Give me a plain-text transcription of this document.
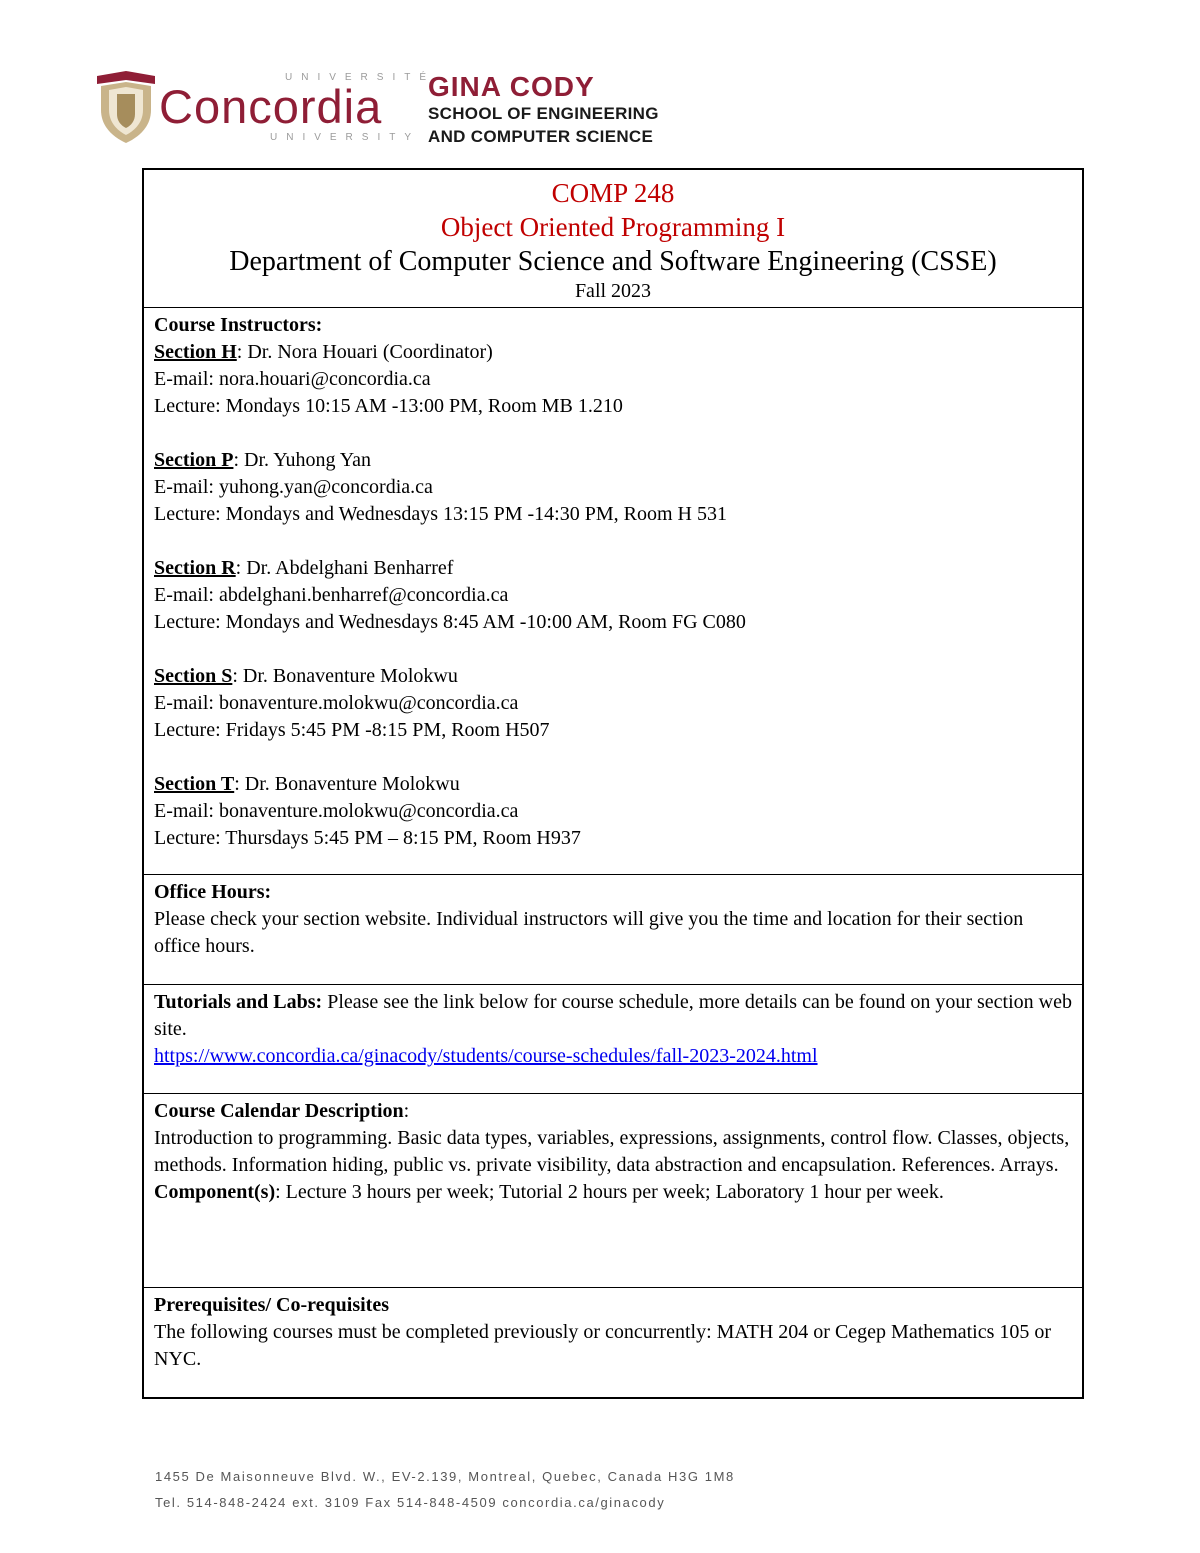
UNIVERSITÉ
Concordia
UNIVERSITY
GINA CODY
SCHOOL OF ENGINEERING
AND COMPUTER SCIENCE
COMP 248
Object Oriented Programming I
Department of Computer Science and Software Engineering (CSSE)
Fall 2023
Course Instructors:
Section H: Dr. Nora Houari (Coordinator)
E-mail: nora.houari@concordia.ca
Lecture: Mondays 10:15 AM -13:00 PM, Room MB 1.210
Section P: Dr. Yuhong Yan
E-mail: yuhong.yan@concordia.ca
Lecture: Mondays and Wednesdays 13:15 PM -14:30 PM, Room H 531
Section R: Dr. Abdelghani Benharref
E-mail: abdelghani.benharref@concordia.ca
Lecture: Mondays and Wednesdays 8:45 AM -10:00 AM, Room FG C080
Section S: Dr. Bonaventure Molokwu
E-mail: bonaventure.molokwu@concordia.ca
Lecture: Fridays 5:45 PM -8:15 PM, Room H507
Section T: Dr. Bonaventure Molokwu
E-mail: bonaventure.molokwu@concordia.ca
Lecture: Thursdays 5:45 PM – 8:15 PM, Room H937
Office Hours:
Please check your section website. Individual instructors will give you the time and location for their section office hours.
Tutorials and Labs: Please see the link below for course schedule, more details can be found on your section web site.
https://www.concordia.ca/ginacody/students/course-schedules/fall-2023-2024.html
Course Calendar Description:
Introduction to programming. Basic data types, variables, expressions, assignments, control flow. Classes, objects, methods. Information hiding, public vs. private visibility, data abstraction and encapsulation. References. Arrays.
Component(s): Lecture 3 hours per week; Tutorial 2 hours per week; Laboratory 1 hour per week.
Prerequisites/ Co-requisites
The following courses must be completed previously or concurrently: MATH 204 or Cegep Mathematics 105 or NYC.
1455 De Maisonneuve Blvd. W., EV-2.139, Montreal, Quebec, Canada H3G 1M8
Tel. 514-848-2424 ext. 3109 Fax 514-848-4509 concordia.ca/ginacody
